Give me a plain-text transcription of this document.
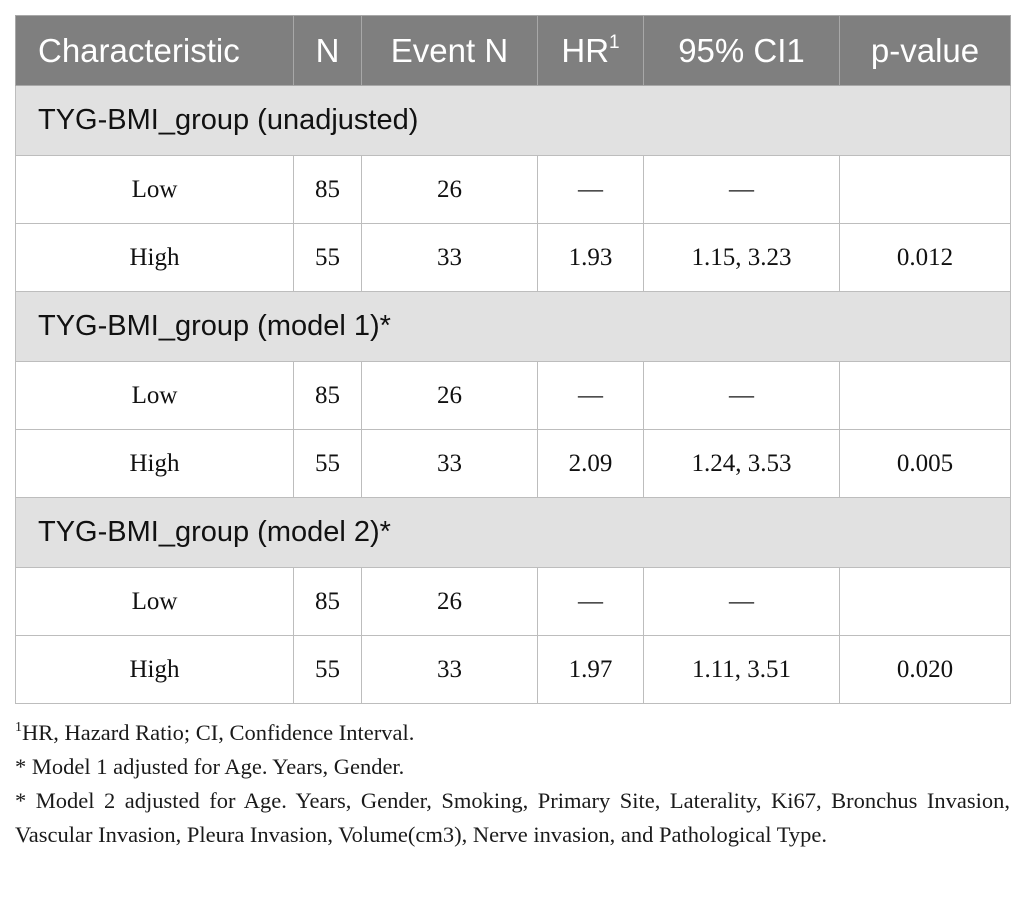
Characteristic	N	Event N	$HR^1$	95% CI1	p-value
TYG-BMI_group (unadjusted)					
Low	85	26	—	—	
High	55	33	1.93	1.15, 3.23	0.012
TYG-BMI_group (model 1)*					
Low	85	26	—	—	
High	55	33	2.09	1.24, 3.53	0.005
TYG-BMI_group (model 2)*					
Low	85	26	—	—	
High	55	33	1.97	1.11, 3.51	0.020

$^1$HR, Hazard Ratio; CI, Confidence Interval.

* Model 1 adjusted for Age. Years, Gender.

* Model 2 adjusted for Age. Years, Gender, Smoking, Primary Site, Laterality, Ki67, Bronchus Invasion, Vascular Invasion, Pleura Invasion, Volume(cm3), Nerve invasion, and Pathological Type.
